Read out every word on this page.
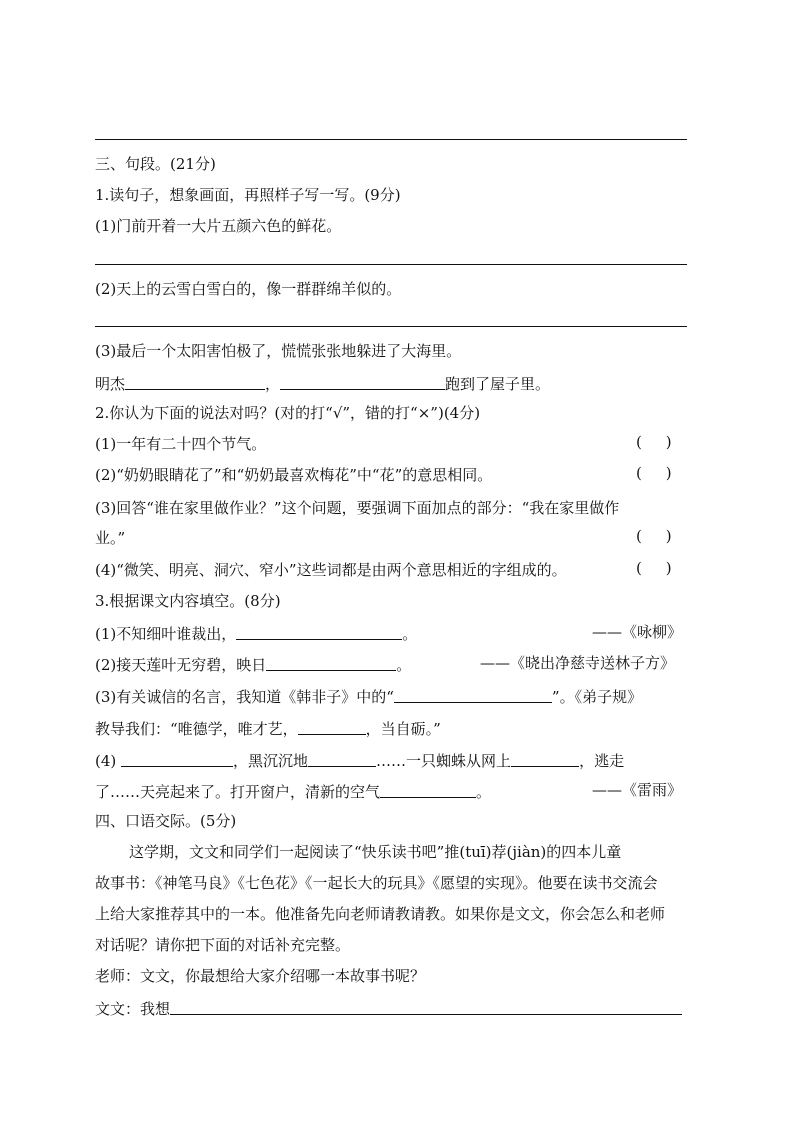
三、句段。(21分)
1.读句子，想象画面，再照样子写一写。(9分)
(1)门前开着一大片五颜六色的鲜花。
(2)天上的云雪白雪白的，像一群群绵羊似的。
(3)最后一个太阳害怕极了，慌慌张张地躲进了大海里。
明杰	，	跑到了屋子里。
2.你认为下面的说法对吗？(对的打“√”，错的打“×”)(4分)
(1)一年有二十四个节气。	(     )
(2)“奶奶眼睛花了”和“奶奶最喜欢梅花”中“花”的意思相同。	(     )
(3)回答“谁在家里做作业？”这个问题，要强调下面加点的部分：“我在家里做作
业。”	(     )
(4)“微笑、明亮、洞穴、窄小”这些词都是由两个意思相近的字组成的。	(     )
3.根据课文内容填空。(8分)
(1)不知细叶谁裁出，	。	——《咏柳》
(2)接天莲叶无穷碧，映日	。	——《晓出净慈寺送林子方》
(3)有关诚信的名言，我知道《韩非子》中的“	”。《弟子规》
教导我们：“唯德学，唯才艺，	，当自砺。”
(4)	，黑沉沉地	……一只蜘蛛从网上	，逃走
了……天亮起来了。打开窗户，清新的空气	。	——《雷雨》
四、口语交际。(5分)
这学期，文文和同学们一起阅读了“快乐读书吧”推(tuī)荐(jiàn)的四本儿童
故事书：《神笔马良》《七色花》《一起长大的玩具》《愿望的实现》。他要在读书交流会
上给大家推荐其中的一本。他准备先向老师请教请教。如果你是文文，你会怎么和老师
对话呢？请你把下面的对话补充完整。
老师：文文，你最想给大家介绍哪一本故事书呢？
文文：我想
